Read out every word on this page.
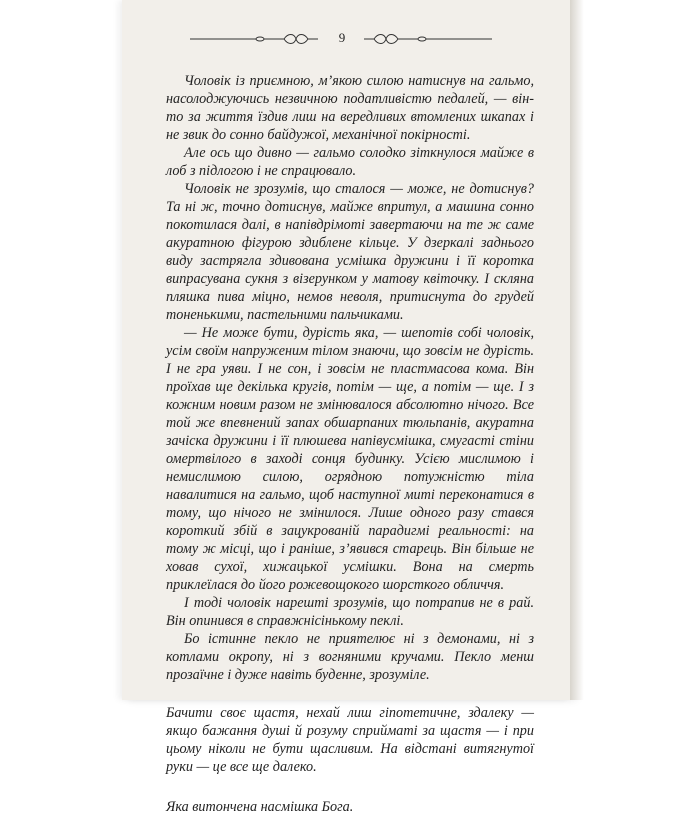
9

Чоловік із приємною, м’якою силою натиснув на гальмо, насолоджуючись незвичною податливістю педалей, — він-то за життя їздив лиш на вередливих втомлених шкапах і не звик до сонно байдужої, механічної покірності.

Але ось що дивно — гальмо солодко зіткнулося майже в лоб з підлогою і не спрацювало.

Чоловік не зрозумів, що сталося — може, не дотиснув? Та ні ж, точно дотиснув, майже впритул, а машина сонно покотилася далі, в напівдрімоті завертаючи на те ж саме акуратною фігурою здиблене кільце. У дзеркалі заднього виду застрягла здивована усмішка дружини і її коротка випрасувана сукня з візерунком у матову квіточку. І скляна пляшка пива міцно, немов неволя, притиснута до грудей тоненькими, пастельними пальчиками.

— Не може бути, дурість яка, — шепотів собі чоловік, усім своїм напруженим тілом знаючи, що зовсім не дурість. І не гра уяви. І не сон, і зовсім не пластмасова кома. Він проїхав ще декілька кругів, потім — ще, а потім — ще. І з кожним новим разом не змінювалося абсолютно нічого. Все той же впевнений запах обшарпаних тюльпанів, акуратна зачіска дружини і її плюшева напівусмішка, смугасті стіни омертвілого в заході сонця будинку. Усією мислимою і немислимою силою, огрядною потужністю тіла навалитися на гальмо, щоб наступної миті переконатися в тому, що нічого не змінилося. Лише одного разу стався короткий збій в зацукрованій парадигмі реальності: на тому ж місці, що і раніше, з’явився старець. Він більше не ховав сухої, хижацької усмішки. Вона на смерть приклеїлася до його рожевощокого шорсткого обличчя.

І тоді чоловік нарешті зрозумів, що потрапив не в рай. Він опинився в справжнісінькому пеклі.

Бо істинне пекло не приятелює ні з демонами, ні з котлами окропу, ні з вогняними кручами. Пекло менш прозаїчне і дуже навіть буденне, зрозуміле.

Бачити своє щастя, нехай лиш гіпотетичне, здалеку — якщо бажання душі й розуму сприйматі за щастя — і при цьому ніколи не бути щасливим. На відстані витягнутої руки — це все ще далеко.

Яка витончена насмішка Бога.
